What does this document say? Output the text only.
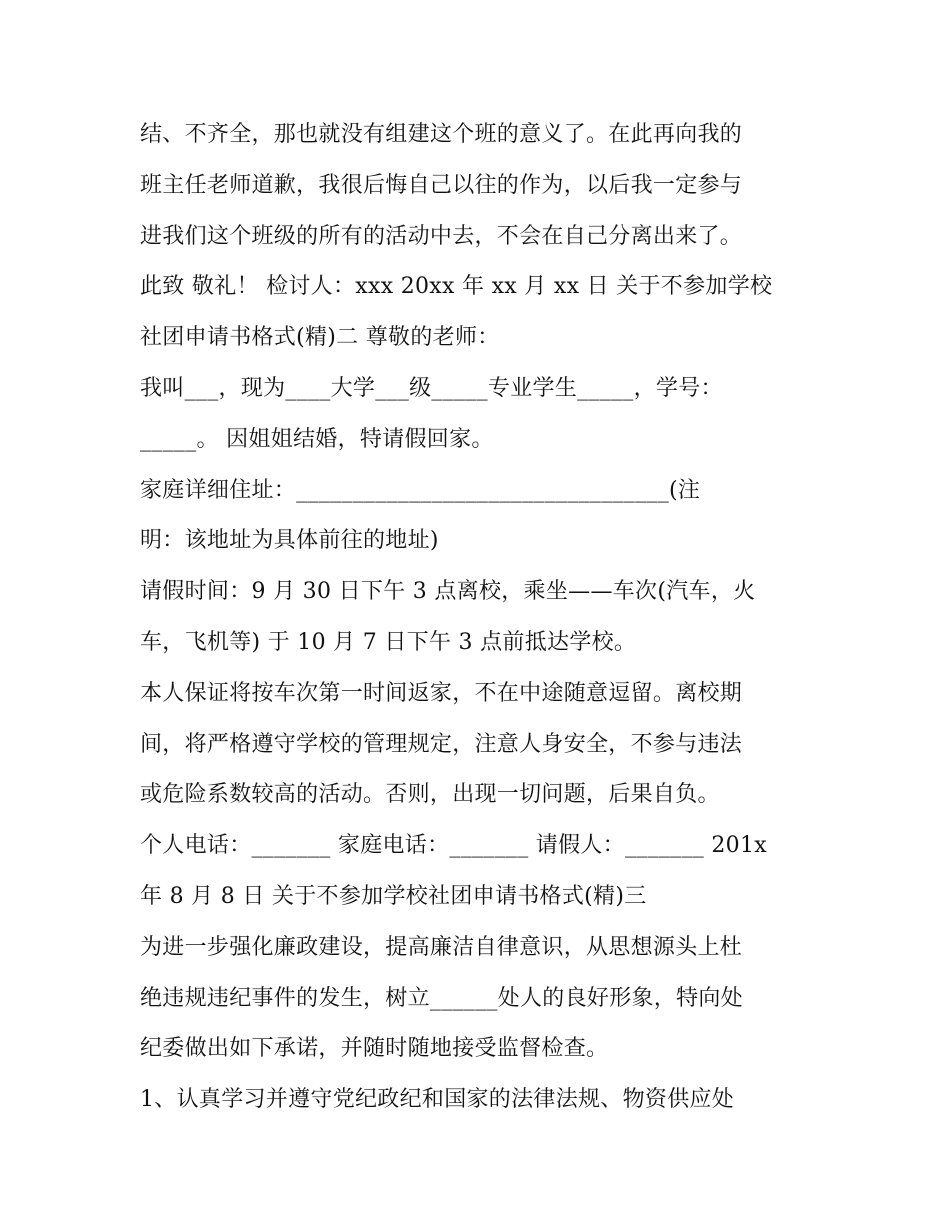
结、不齐全，那也就没有组建这个班的意义了。在此再向我的
班主任老师道歉，我很后悔自己以往的作为，以后我一定参与
进我们这个班级的所有的活动中去，不会在自己分离出来了。
此致 敬礼！ 检讨人：xxx 20xx 年 xx 月 xx 日 关于不参加学校
社团申请书格式(精)二 尊敬的老师：
我叫___，现为____大学___级_____专业学生_____，学号：
_____。 因姐姐结婚，特请假回家。
家庭详细住址：_________________________________(注
明：该地址为具体前往的地址)
请假时间：9 月 30 日下午 3 点离校，乘坐——车次(汽车，火
车，飞机等) 于 10 月 7 日下午 3 点前抵达学校。
本人保证将按车次第一时间返家，不在中途随意逗留。离校期
间，将严格遵守学校的管理规定，注意人身安全，不参与违法
或危险系数较高的活动。否则，出现一切问题，后果自负。
个人电话：_______ 家庭电话：_______ 请假人：_______ 201x
年 8 月 8 日 关于不参加学校社团申请书格式(精)三
为进一步强化廉政建设，提高廉洁自律意识，从思想源头上杜
绝违规违纪事件的发生，树立______处人的良好形象，特向处
纪委做出如下承诺，并随时随地接受监督检查。
1、认真学习并遵守党纪政纪和国家的法律法规、物资供应处
